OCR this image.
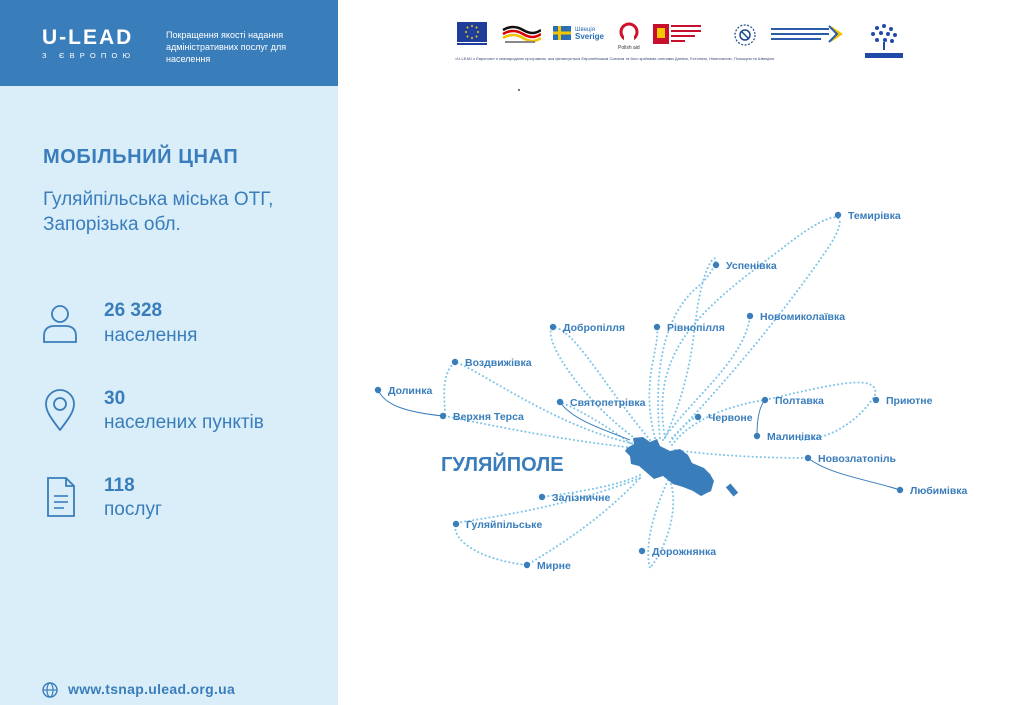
U-LEAD
З ЄВРОПОЮ
Покращення якості надання адміністративних послуг для населення
МОБІЛЬНИЙ ЦНАП
Гуляйпільська міська ОТГ, Запорізька обл.
26 328
населення
30
населених пунктів
118
послуг
www.tsnap.ulead.org.ua
Швеція
Sverige
Polish aid
«U-LEAD з Європою» є міжнародною програмою, яка фінансується Європейським Союзом та його країнами-членами Данією, Естонією, Німеччиною, Польщею та Швецією
ГУЛЯЙПОЛЕ
Темирівка
Успенівка
Добропілля	Рівнопілля
Новомиколаївка
Воздвижівка
Долинка
Верхня Терса
Святопетрівка	Полтавка	Приютне
Червоне
Малинівка
Новозлатопіль
Любимівка
Залізничне
Гуляйпільське
Мирне
Дорожнянка
